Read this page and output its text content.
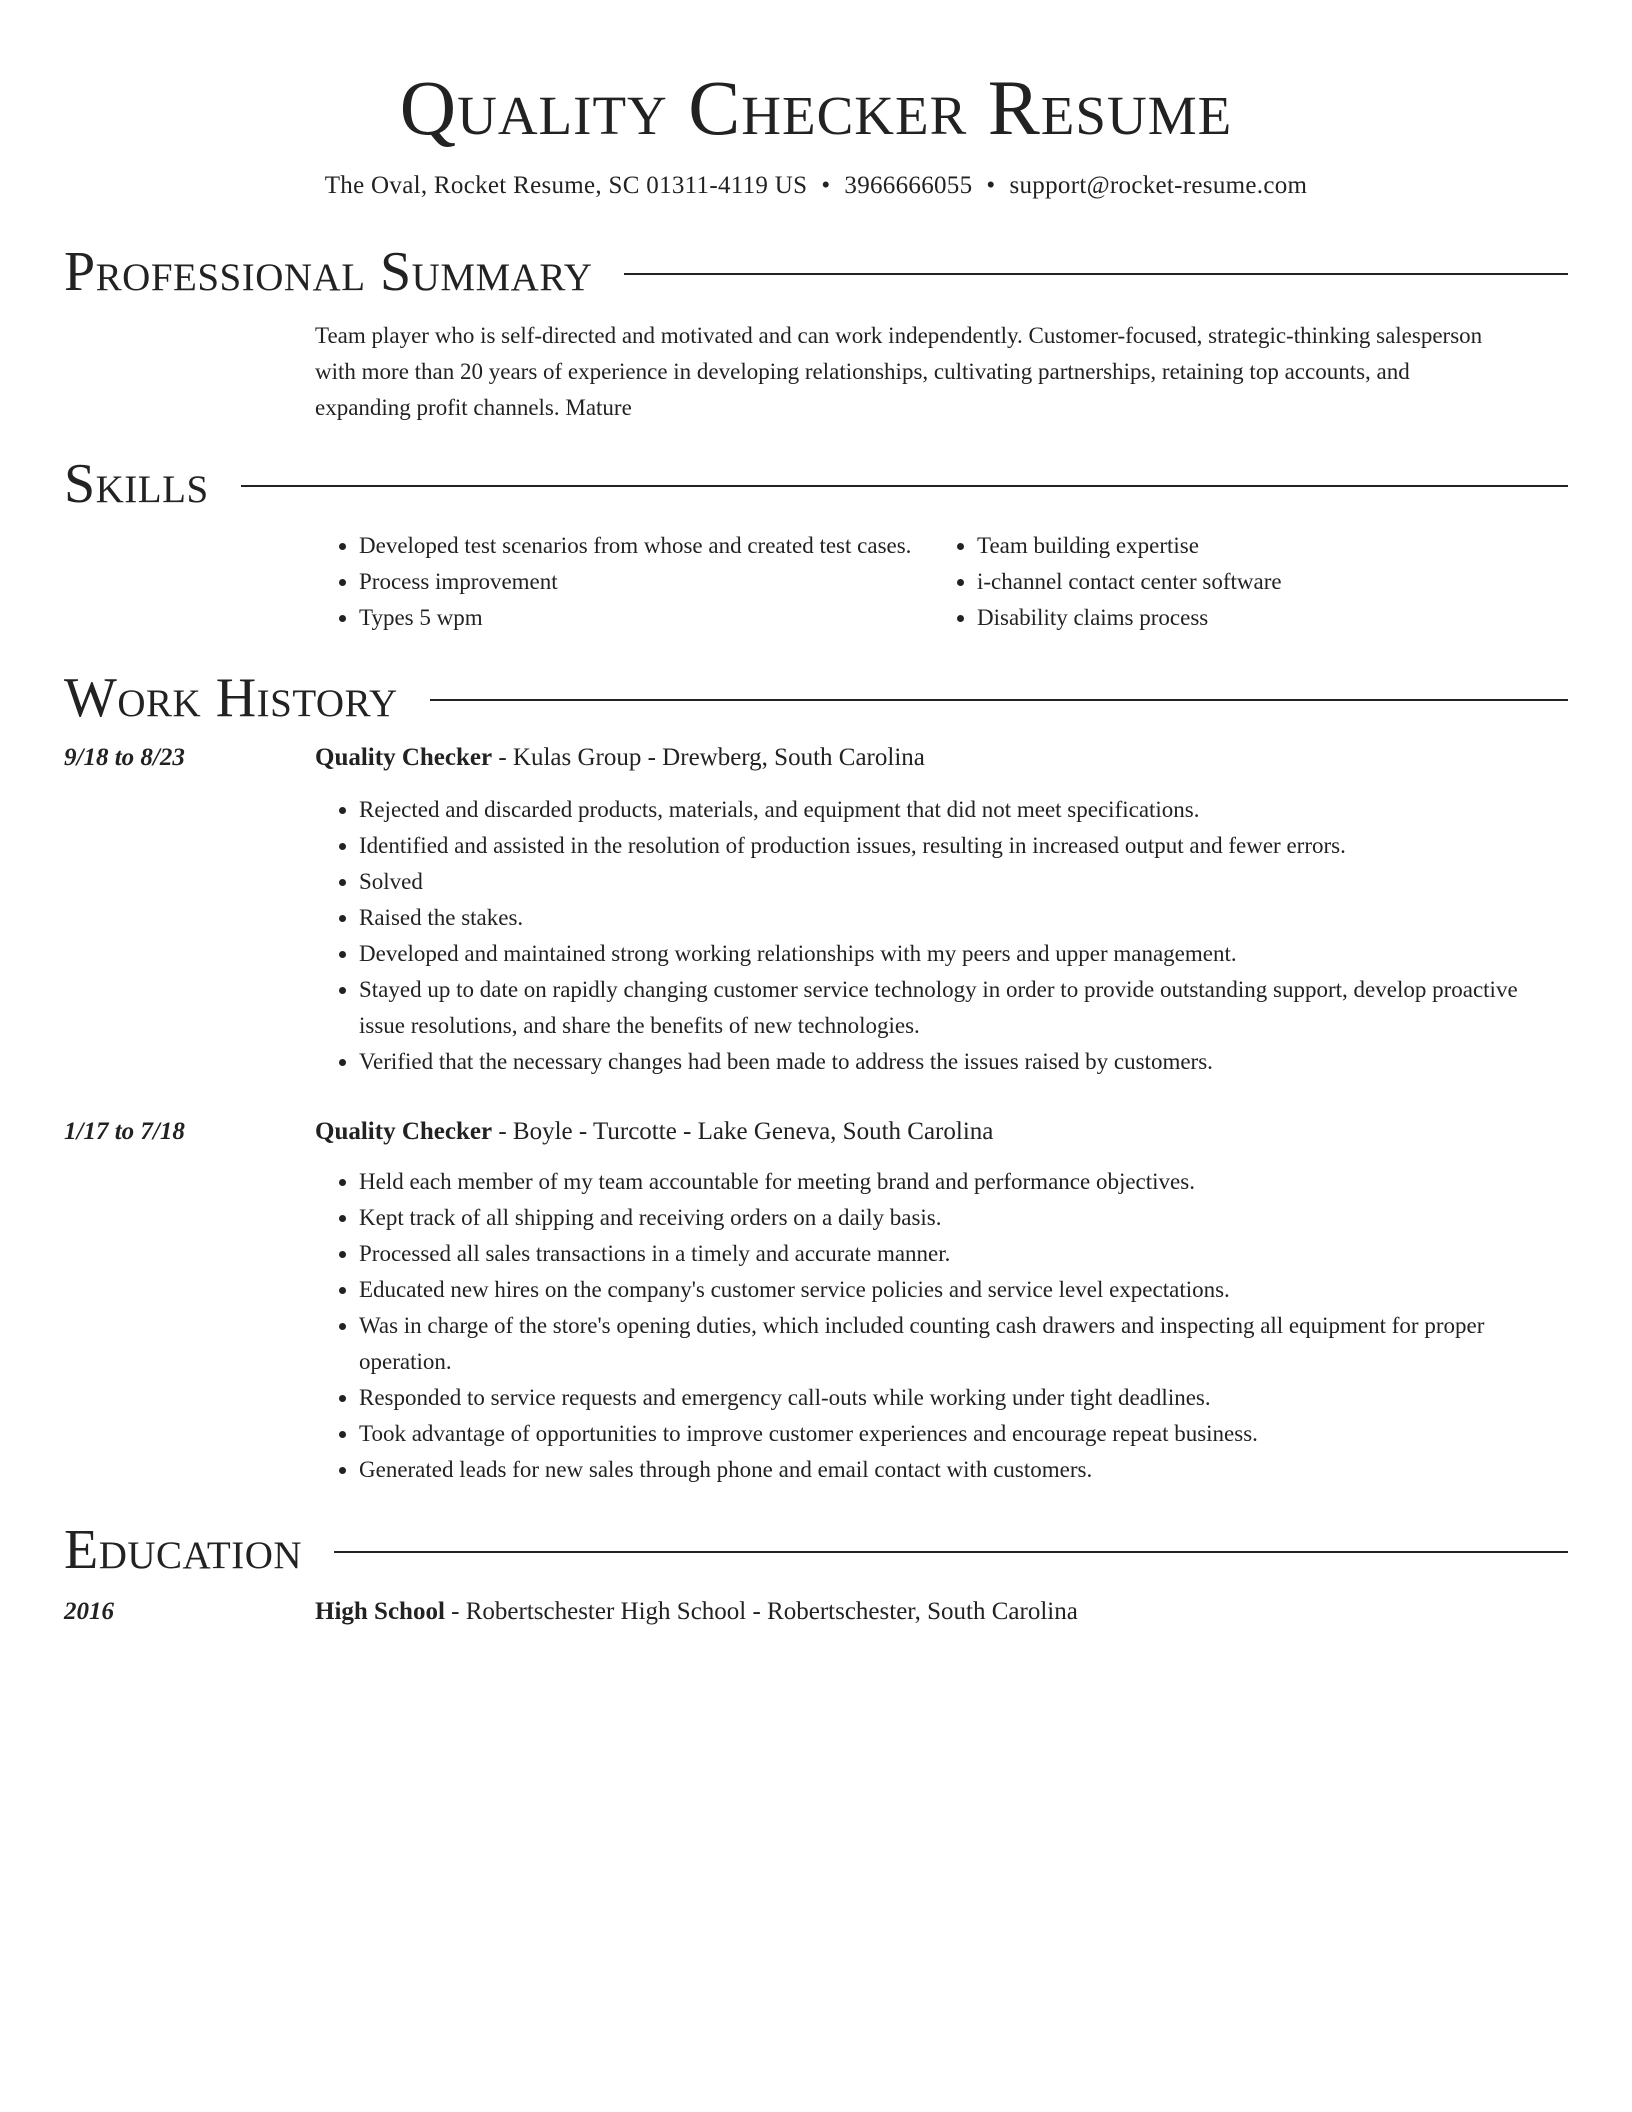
Quality Checker Resume
The Oval, Rocket Resume, SC 01311-4119 US • 3966666055 • support@rocket-resume.com
Professional Summary
Team player who is self-directed and motivated and can work independently. Customer-focused, strategic-thinking salesperson with more than 20 years of experience in developing relationships, cultivating partnerships, retaining top accounts, and expanding profit channels. Mature
Skills
• Developed test scenarios from whose and created test cases.
• Process improvement
• Types 5 wpm
• Team building expertise
• i-channel contact center software
• Disability claims process
Work History
9/18 to 8/23	Quality Checker - Kulas Group - Drewberg, South Carolina
• Rejected and discarded products, materials, and equipment that did not meet specifications.
• Identified and assisted in the resolution of production issues, resulting in increased output and fewer errors.
• Solved
• Raised the stakes.
• Developed and maintained strong working relationships with my peers and upper management.
• Stayed up to date on rapidly changing customer service technology in order to provide outstanding support, develop proactive issue resolutions, and share the benefits of new technologies.
• Verified that the necessary changes had been made to address the issues raised by customers.
1/17 to 7/18	Quality Checker - Boyle - Turcotte - Lake Geneva, South Carolina
• Held each member of my team accountable for meeting brand and performance objectives.
• Kept track of all shipping and receiving orders on a daily basis.
• Processed all sales transactions in a timely and accurate manner.
• Educated new hires on the company's customer service policies and service level expectations.
• Was in charge of the store's opening duties, which included counting cash drawers and inspecting all equipment for proper operation.
• Responded to service requests and emergency call-outs while working under tight deadlines.
• Took advantage of opportunities to improve customer experiences and encourage repeat business.
• Generated leads for new sales through phone and email contact with customers.
Education
2016	High School - Robertschester High School - Robertschester, South Carolina
